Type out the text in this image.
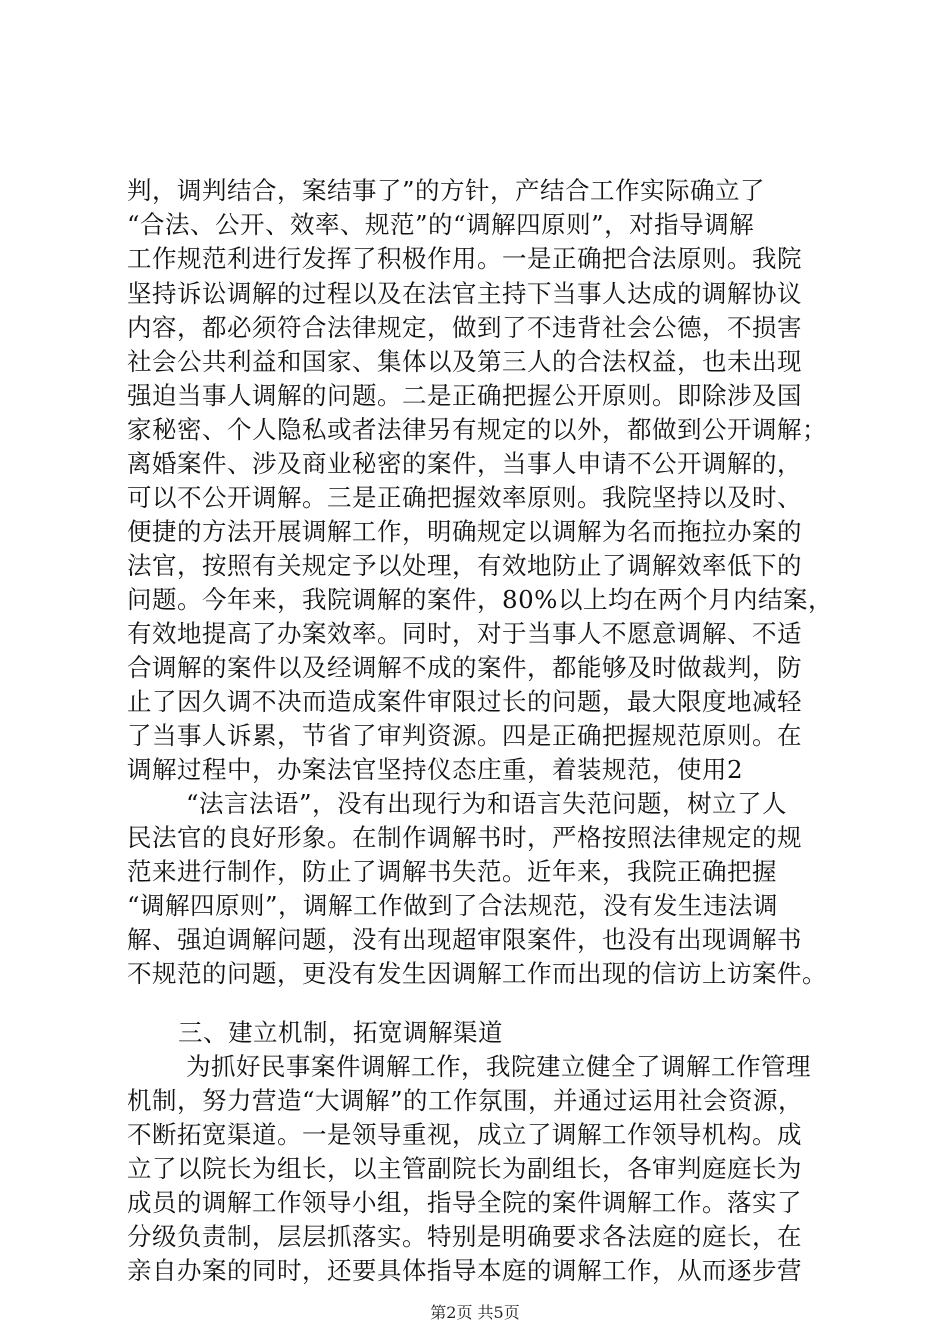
判，调判结合，案结事了”的方针，产结合工作实际确立了
“合法、公开、效率、规范”的“调解四原则”，对指导调解
工作规范利进行发挥了积极作用。一是正确把合法原则。我院
坚持诉讼调解的过程以及在法官主持下当事人达成的调解协议
内容，都必须符合法律规定，做到了不违背社会公德，不损害
社会公共利益和国家、集体以及第三人的合法权益，也未出现
强迫当事人调解的问题。二是正确把握公开原则。即除涉及国
家秘密、个人隐私或者法律另有规定的以外，都做到公开调解；
离婚案件、涉及商业秘密的案件，当事人申请不公开调解的，
可以不公开调解。三是正确把握效率原则。我院坚持以及时、
便捷的方法开展调解工作，明确规定以调解为名而拖拉办案的
法官，按照有关规定予以处理，有效地防止了调解效率低下的
问题。今年来，我院调解的案件，80%以上均在两个月内结案，
有效地提高了办案效率。同时，对于当事人不愿意调解、不适
合调解的案件以及经调解不成的案件，都能够及时做裁判，防
止了因久调不决而造成案件审限过长的问题，最大限度地减轻
了当事人诉累，节省了审判资源。四是正确把握规范原则。在
调解过程中，办案法官坚持仪态庄重，着装规范，使用2
“法言法语”，没有出现行为和语言失范问题，树立了人
民法官的良好形象。在制作调解书时，严格按照法律规定的规
范来进行制作，防止了调解书失范。近年来，我院正确把握
“调解四原则”，调解工作做到了合法规范，没有发生违法调
解、强迫调解问题，没有出现超审限案件，也没有出现调解书
不规范的问题，更没有发生因调解工作而出现的信访上访案件。
三、建立机制，拓宽调解渠道
为抓好民事案件调解工作，我院建立健全了调解工作管理
机制，努力营造“大调解”的工作氛围，并通过运用社会资源，
不断拓宽渠道。一是领导重视，成立了调解工作领导机构。成
立了以院长为组长，以主管副院长为副组长，各审判庭庭长为
成员的调解工作领导小组，指导全院的案件调解工作。落实了
分级负责制，层层抓落实。特别是明确要求各法庭的庭长，在
亲自办案的同时，还要具体指导本庭的调解工作，从而逐步营
第2页 共5页
